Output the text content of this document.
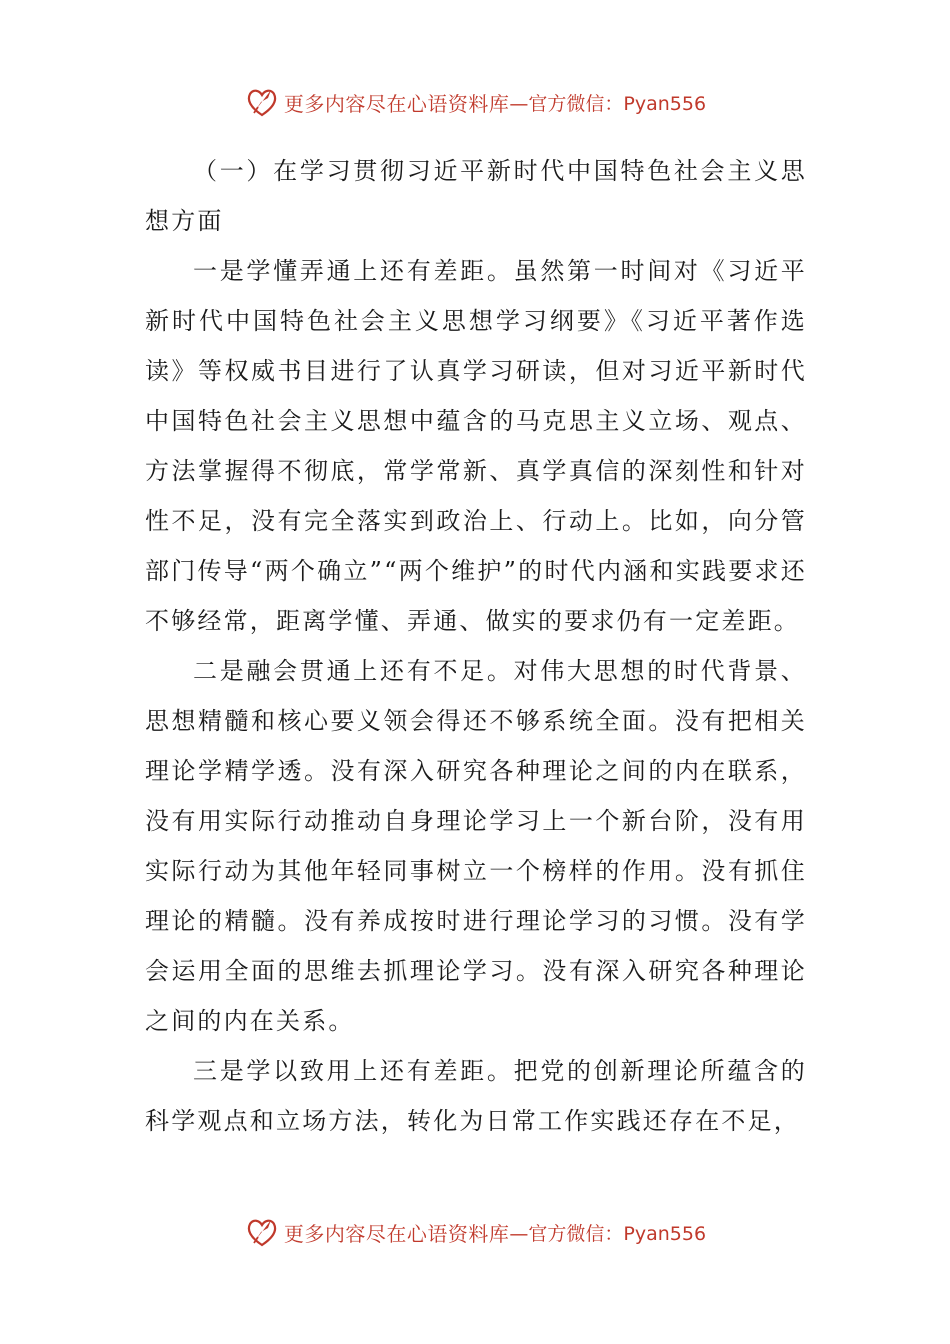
更多内容尽在心语资料库 —官方微信：Pyan556

（一）在学习贯彻习近平新时代中国特色社会主义思想方面

一是学懂弄通上还有差距。虽然第一时间对《习近平新时代中国特色社会主义思想学习纲要》《习近平著作选读》等权威书目进行了认真学习研读，但对习近平新时代中国特色社会主义思想中蕴含的马克思主义立场、观点、方法掌握得不彻底，常学常新、真学真信的深刻性和针对性不足，没有完全落实到政治上、行动上。比如，向分管部门传导“两个确立”“两个维护”的时代内涵和实践要求还不够经常，距离学懂、弄通、做实的要求仍有一定差距。

二是融会贯通上还有不足。对伟大思想的时代背景、思想精髓和核心要义领会得还不够系统全面。没有把相关理论学精学透。没有深入研究各种理论之间的内在联系，没有用实际行动推动自身理论学习上一个新台阶，没有用实际行动为其他年轻同事树立一个榜样的作用。没有抓住理论的精髓。没有养成按时进行理论学习的习惯。没有学会运用全面的思维去抓理论学习。没有深入研究各种理论之间的内在关系。

三是学以致用上还有差距。把党的创新理论所蕴含的科学观点和立场方法，转化为日常工作实践还存在不足，

更多内容尽在心语资料库 —官方微信：Pyan556
